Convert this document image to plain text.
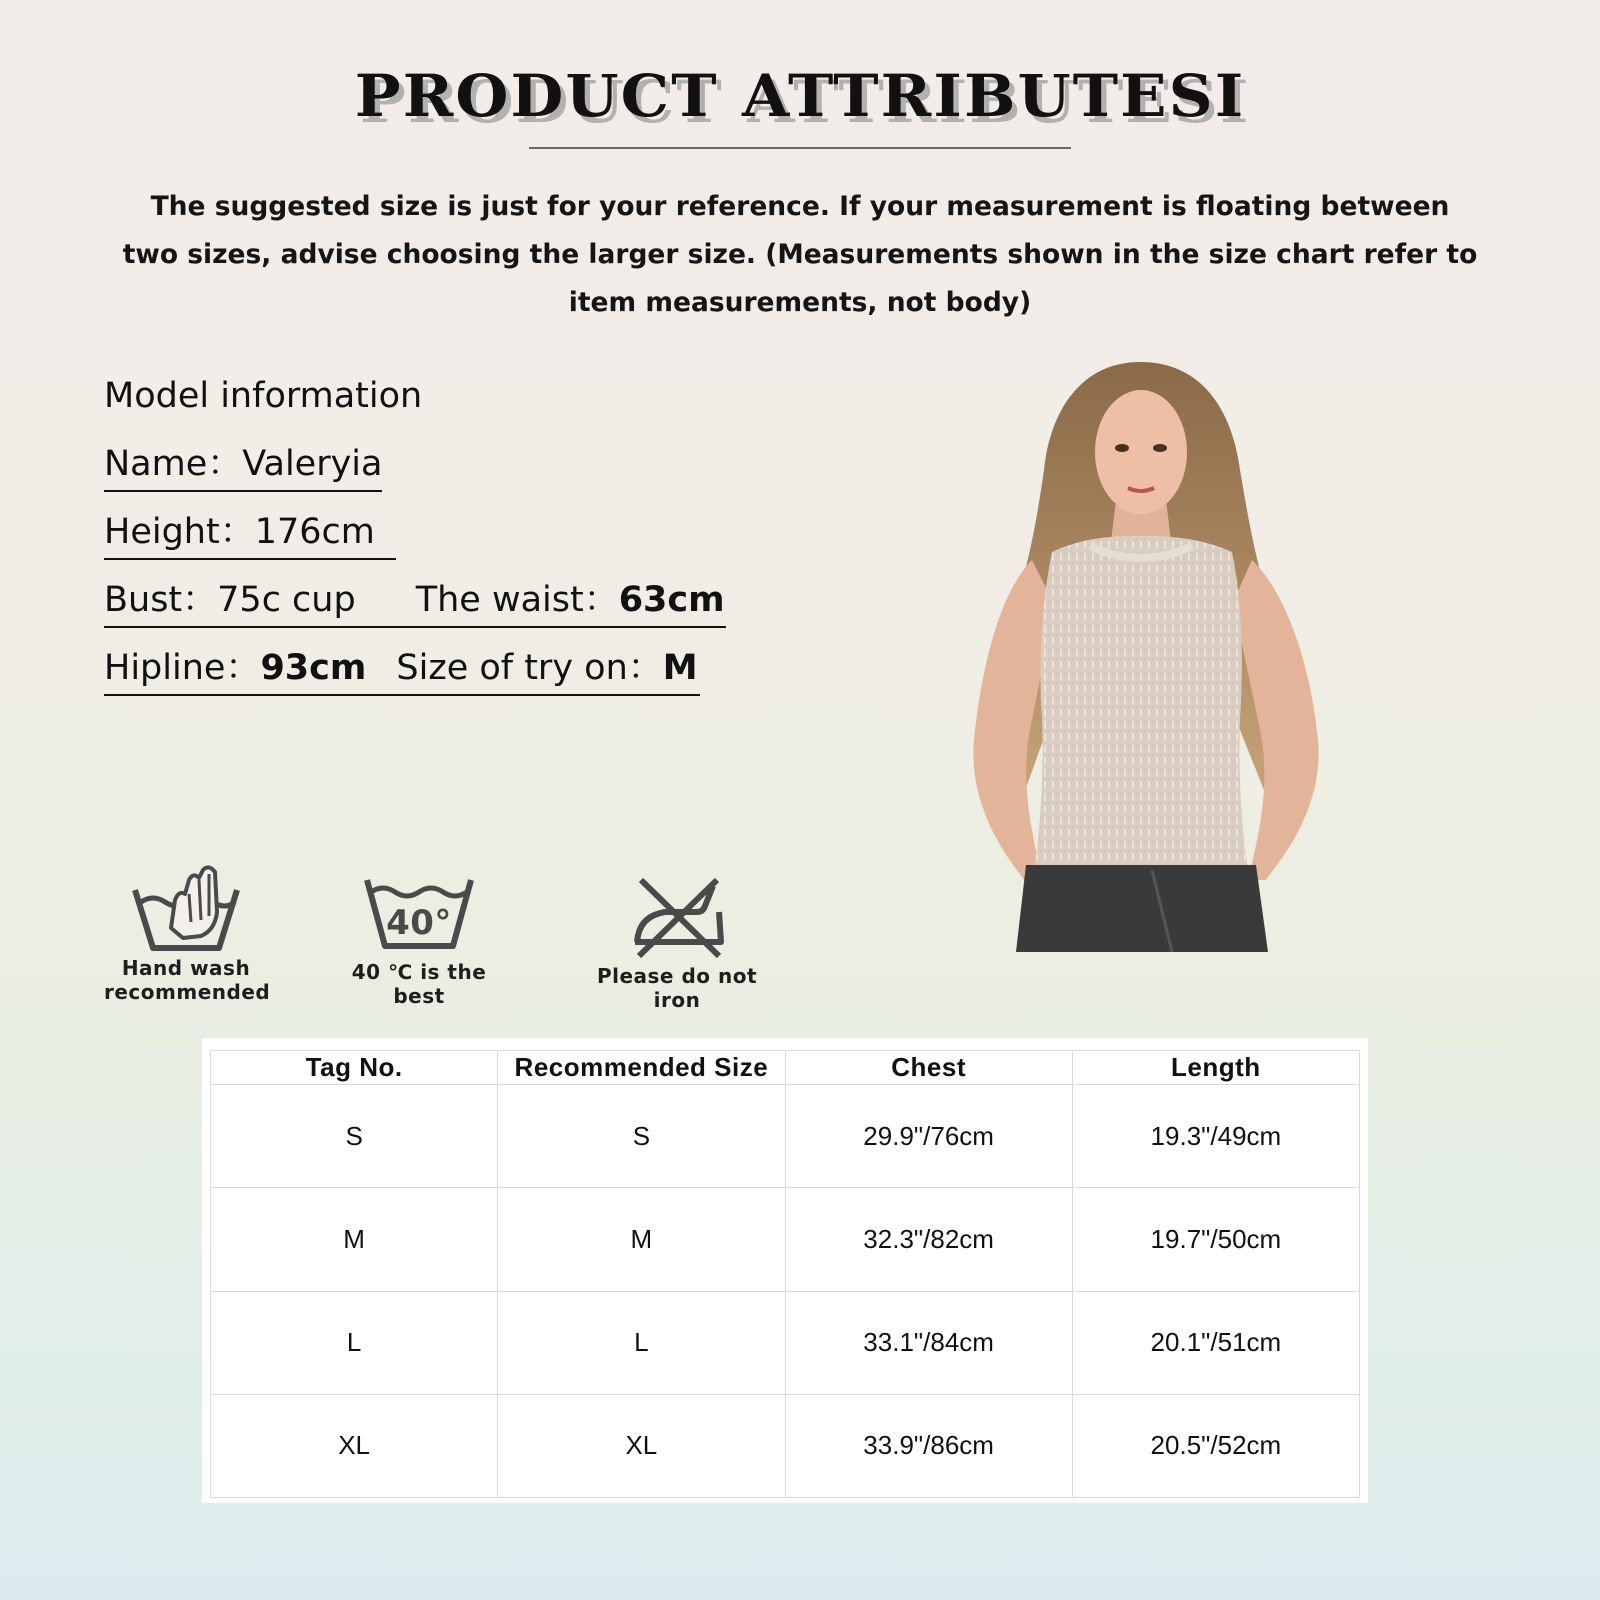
PRODUCT ATTRIBUTESI
The suggested size is just for your reference. If your measurement is floating between two sizes, advise choosing the larger size. (Measurements shown in the size chart refer to item measurements, not body)
Model information
Name：Valeryia
Height：176cm
Bust：75c cup The waist：63cm
Hipline：93cm Size of try on：M
Hand wash
recommended
40°
40 ℃ is the best
Please do not iron
Tag No.	Recommended Size	Chest	Length
S	S	29.9"/76cm	19.3"/49cm
M	M	32.3"/82cm	19.7"/50cm
L	L	33.1"/84cm	20.1"/51cm
XL	XL	33.9"/86cm	20.5"/52cm
